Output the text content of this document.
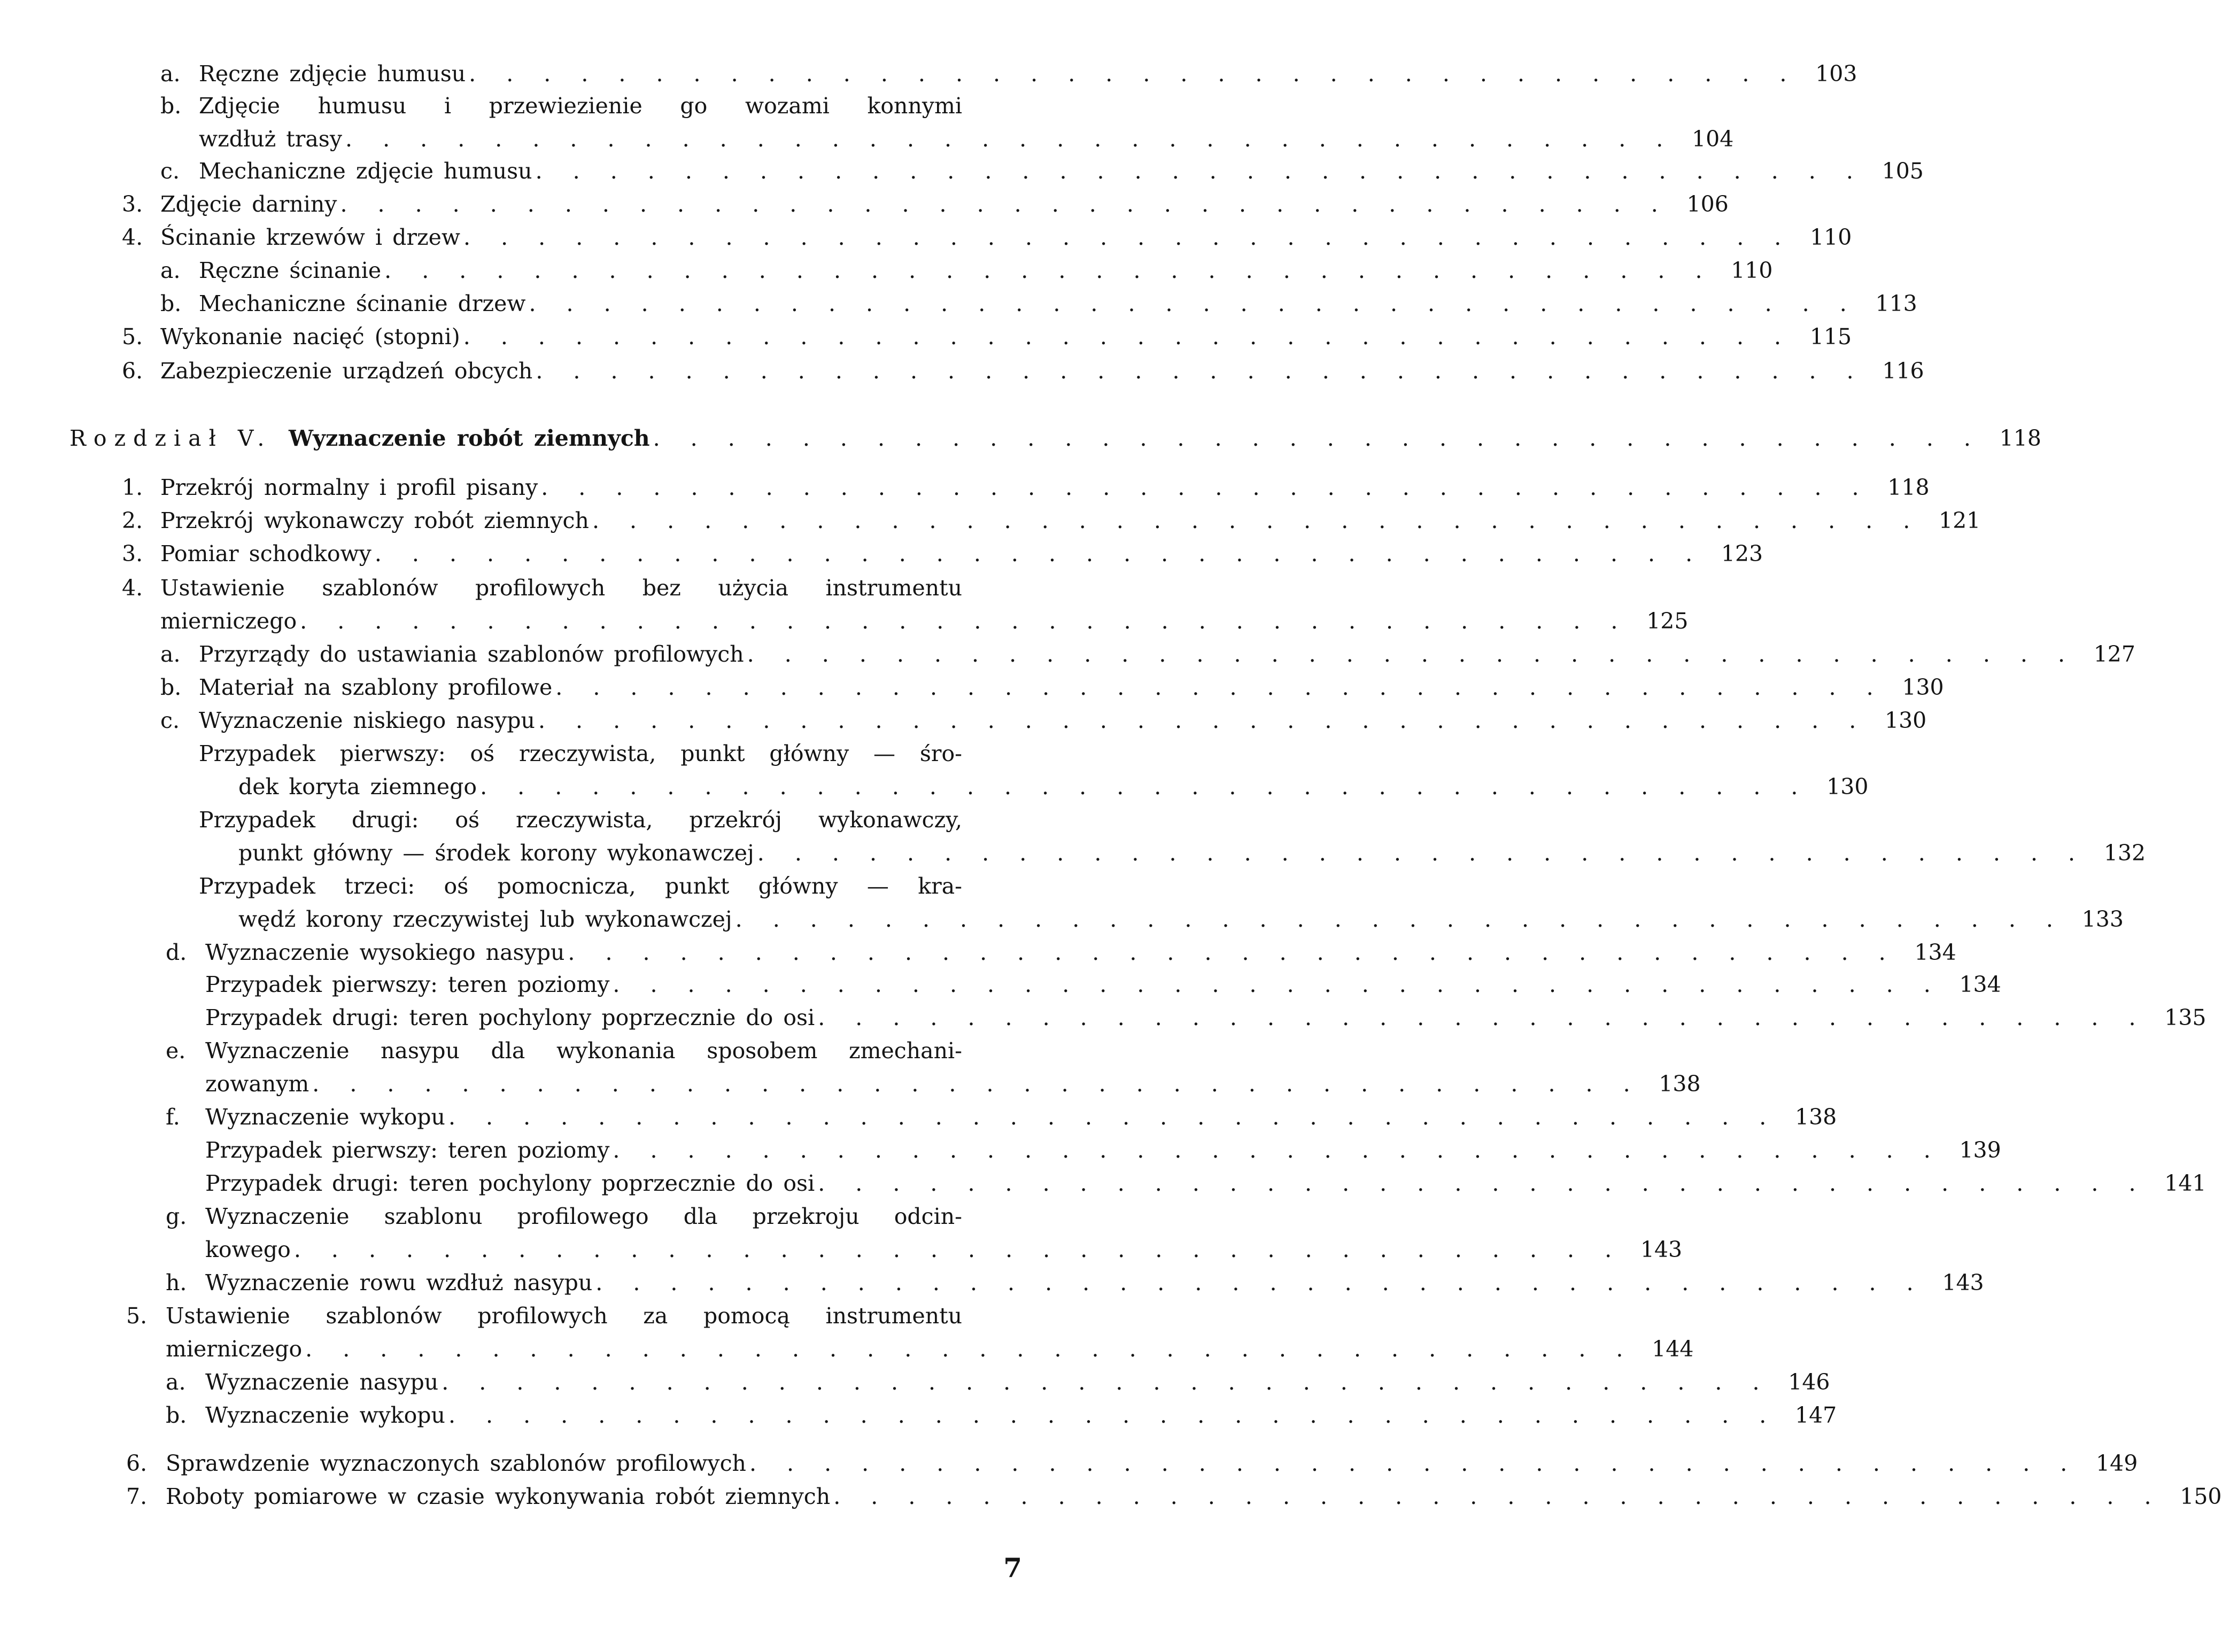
a. Ręczne zdjęcie humusu . . . . . . . . . . . . . . . . . . . . . . . . . . . . . . . . . . . . 103
b. Zdjęcie humusu i przewiezienie go wozami konnymi
wzdłuż trasy . . . . . . . . . . . . . . . . . . . . . . . . . . . . . . . . . . . . 104
c. Mechaniczne zdjęcie humusu . . . . . . . . . . . . . . . . . . . . . . . . . . . . . . . . . . . . 105
3. Zdjęcie darniny . . . . . . . . . . . . . . . . . . . . . . . . . . . . . . . . . . . . 106
4. Ścinanie krzewów i drzew . . . . . . . . . . . . . . . . . . . . . . . . . . . . . . . . . . . . 110
a. Ręczne ścinanie . . . . . . . . . . . . . . . . . . . . . . . . . . . . . . . . . . . . 110
b. Mechaniczne ścinanie drzew . . . . . . . . . . . . . . . . . . . . . . . . . . . . . . . . . . . . 113
5. Wykonanie nacięć (stopni) . . . . . . . . . . . . . . . . . . . . . . . . . . . . . . . . . . . . 115
6. Zabezpieczenie urządzeń obcych . . . . . . . . . . . . . . . . . . . . . . . . . . . . . . . . . . . . 116
Rozdział V. Wyznaczenie robót ziemnych . . . . . . . . . . . . . . . . . . . . . . . . . . . . . . . . . . . . 118
1. Przekrój normalny i profil pisany . . . . . . . . . . . . . . . . . . . . . . . . . . . . . . . . . . . . 118
2. Przekrój wykonawczy robót ziemnych . . . . . . . . . . . . . . . . . . . . . . . . . . . . . . . . . . . . 121
3. Pomiar schodkowy . . . . . . . . . . . . . . . . . . . . . . . . . . . . . . . . . . . . 123
4. Ustawienie szablonów profilowych bez użycia instrumentu
mierniczego . . . . . . . . . . . . . . . . . . . . . . . . . . . . . . . . . . . . 125
a. Przyrządy do ustawiania szablonów profilowych . . . . . . . . . . . . . . . . . . . . . . . . . . . . . . . . . . . . 127
b. Materiał na szablony profilowe . . . . . . . . . . . . . . . . . . . . . . . . . . . . . . . . . . . . 130
c. Wyznaczenie niskiego nasypu . . . . . . . . . . . . . . . . . . . . . . . . . . . . . . . . . . . . 130
Przypadek pierwszy: oś rzeczywista, punkt główny — śro-
dek koryta ziemnego . . . . . . . . . . . . . . . . . . . . . . . . . . . . . . . . . . . . 130
Przypadek drugi: oś rzeczywista, przekrój wykonawczy,
punkt główny — środek korony wykonawczej . . . . . . . . . . . . . . . . . . . . . . . . . . . . . . . . . . . . 132
Przypadek trzeci: oś pomocnicza, punkt główny — kra-
wędź korony rzeczywistej lub wykonawczej . . . . . . . . . . . . . . . . . . . . . . . . . . . . . . . . . . . . 133
d. Wyznaczenie wysokiego nasypu . . . . . . . . . . . . . . . . . . . . . . . . . . . . . . . . . . . . 134
Przypadek pierwszy: teren poziomy . . . . . . . . . . . . . . . . . . . . . . . . . . . . . . . . . . . . 134
Przypadek drugi: teren pochylony poprzecznie do osi . . . . . . . . . . . . . . . . . . . . . . . . . . . . . . . . . . . . 135
e. Wyznaczenie nasypu dla wykonania sposobem zmechani-
zowanym . . . . . . . . . . . . . . . . . . . . . . . . . . . . . . . . . . . . 138
f. Wyznaczenie wykopu . . . . . . . . . . . . . . . . . . . . . . . . . . . . . . . . . . . . 138
Przypadek pierwszy: teren poziomy . . . . . . . . . . . . . . . . . . . . . . . . . . . . . . . . . . . . 139
Przypadek drugi: teren pochylony poprzecznie do osi . . . . . . . . . . . . . . . . . . . . . . . . . . . . . . . . . . . . 141
g. Wyznaczenie szablonu profilowego dla przekroju odcin-
kowego . . . . . . . . . . . . . . . . . . . . . . . . . . . . . . . . . . . . 143
h. Wyznaczenie rowu wzdłuż nasypu . . . . . . . . . . . . . . . . . . . . . . . . . . . . . . . . . . . . 143
5. Ustawienie szablonów profilowych za pomocą instrumentu
mierniczego . . . . . . . . . . . . . . . . . . . . . . . . . . . . . . . . . . . . 144
a. Wyznaczenie nasypu . . . . . . . . . . . . . . . . . . . . . . . . . . . . . . . . . . . . 146
b. Wyznaczenie wykopu . . . . . . . . . . . . . . . . . . . . . . . . . . . . . . . . . . . . 147
6. Sprawdzenie wyznaczonych szablonów profilowych . . . . . . . . . . . . . . . . . . . . . . . . . . . . . . . . . . . . 149
7. Roboty pomiarowe w czasie wykonywania robót ziemnych . . . . . . . . . . . . . . . . . . . . . . . . . . . . . . . . . . . . 150
7
